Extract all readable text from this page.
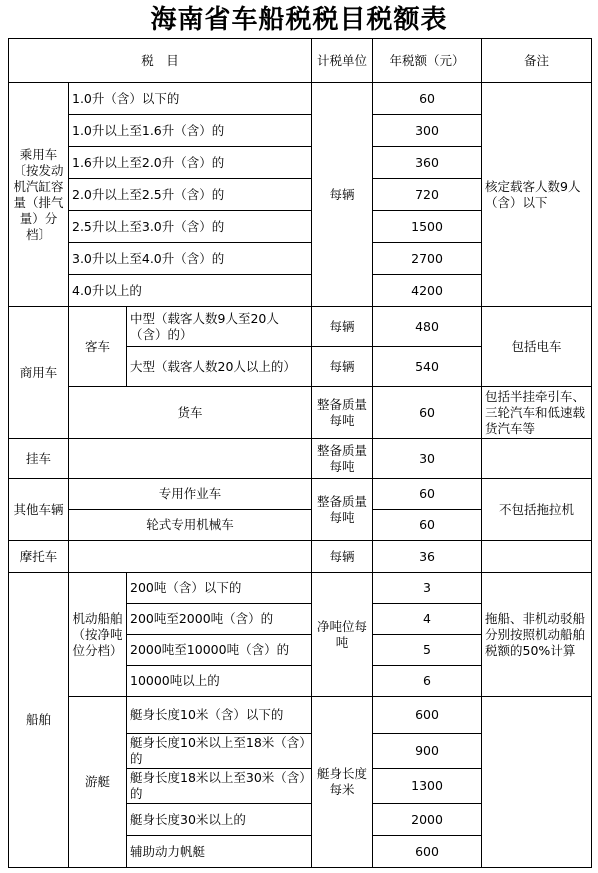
海南省车船税税目税额表
税　目			计税单位	年税额（元）	备注
乘用车〔按发动机汽缸容量（排气量）分档〕	1.0升（含）以下的		每辆	60	核定载客人数9人（含）以下
	1.0升以上至1.6升（含）的			300	
	1.6升以上至2.0升（含）的			360	
	2.0升以上至2.5升（含）的			720	
	2.5升以上至3.0升（含）的			1500	
	3.0升以上至4.0升（含）的			2700	
	4.0升以上的			4200	
商用车	客车	中型（载客人数9人至20人（含）的）	每辆	480	包括电车
		大型（载客人数20人以上的）	每辆	540	
	货车		整备质量每吨	60	包括半挂牵引车、三轮汽车和低速载货汽车等
挂车			整备质量每吨	30	
其他车辆	专用作业车		整备质量每吨	60	不包括拖拉机
	轮式专用机械车			60	
摩托车			每辆	36	
船舶	机动船舶（按净吨位分档）	200吨（含）以下的	净吨位每吨	3	拖船、非机动驳船分别按照机动船舶税额的50%计算
		200吨至2000吨（含）的		4	
		2000吨至10000吨（含）的		5	
		10000吨以上的		6	
	游艇	艇身长度10米（含）以下的	艇身长度每米	600	
		艇身长度10米以上至18米（含）的		900	
		艇身长度18米以上至30米（含）的		1300	
		艇身长度30米以上的		2000	
		辅助动力帆艇		600	
